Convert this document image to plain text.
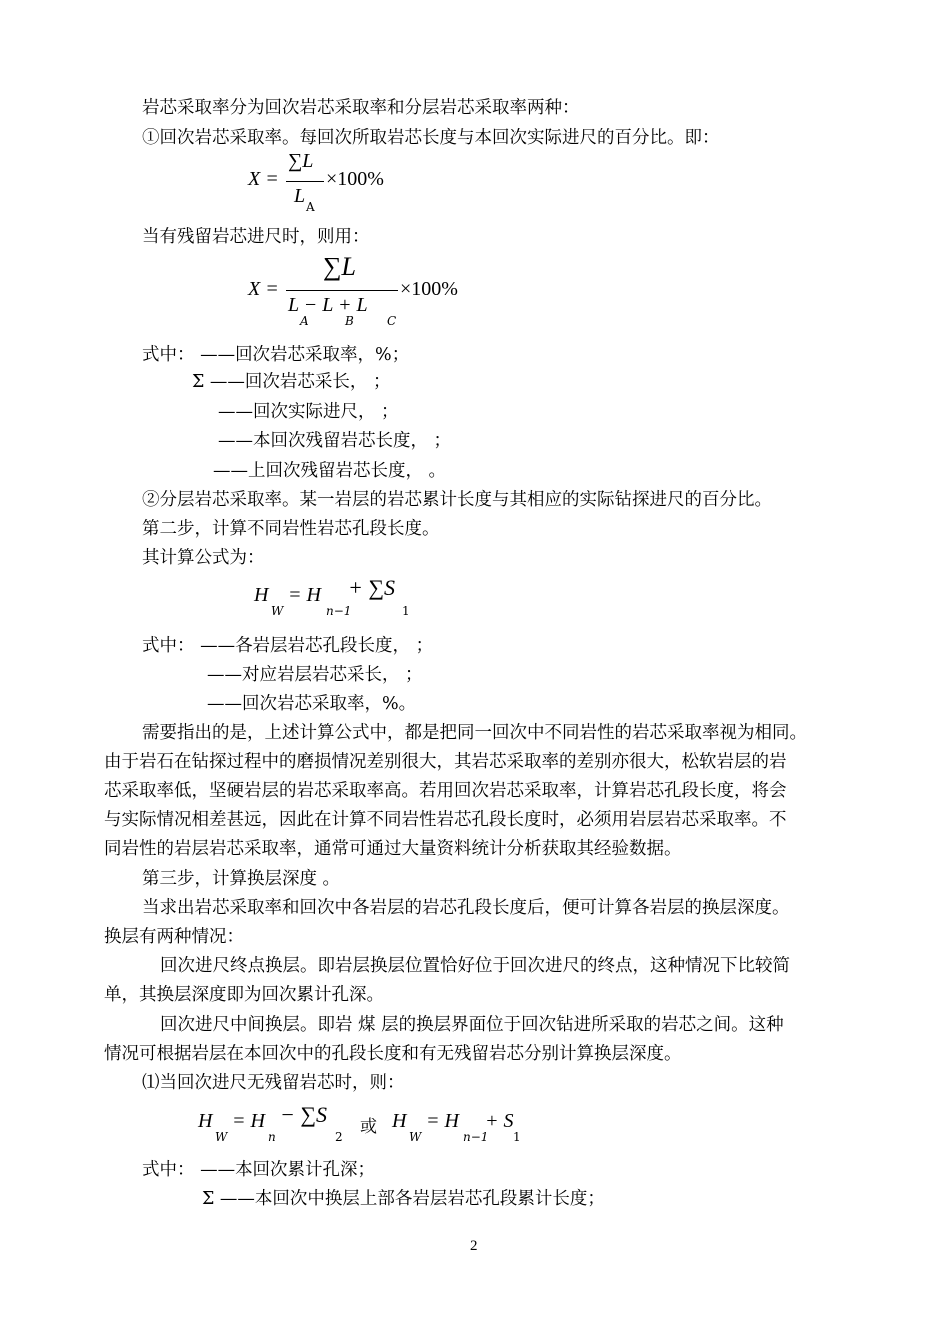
岩芯采取率分为回次岩芯采取率和分层岩芯采取率两种：
①回次岩芯采取率。每回次所取岩芯长度与本回次实际进尺的百分比。即：
X =
∑L
L A
×100%
当有残留岩芯进尺时，则用：
X =
∑L
L − L + L
A	B	C
×100%
式中： ——回次岩芯采取率，%；
Σ ——回次岩芯采长， ；
——回次实际进尺， ；
——本回次残留岩芯长度， ；
——上回次残留岩芯长度， 。
②分层岩芯采取率。某一岩层的岩芯累计长度与其相应的实际钻探进尺的百分比。
第二步，计算不同岩性岩芯孔段长度。
其计算公式为：
H
W
= H
n−1
+ ∑S
1
式中： ——各岩层岩芯孔段长度， ；
——对应岩层岩芯采长， ；
——回次岩芯采取率，%。
需要指出的是，上述计算公式中，都是把同一回次中不同岩性的岩芯采取率视为相同。
由于岩石在钻探过程中的磨损情况差别很大，其岩芯采取率的差别亦很大，松软岩层的岩
芯采取率低，坚硬岩层的岩芯采取率高。若用回次岩芯采取率，计算岩芯孔段长度，将会
与实际情况相差甚远，因此在计算不同岩性岩芯孔段长度时，必须用岩层岩芯采取率。不
同岩性的岩层岩芯采取率，通常可通过大量资料统计分析获取其经验数据。
第三步，计算换层深度 。
当求出岩芯采取率和回次中各岩层的岩芯孔段长度后，便可计算各岩层的换层深度。
换层有两种情况：
回次进尺终点换层。即岩层换层位置恰好位于回次进尺的终点，这种情况下比较简
单，其换层深度即为回次累计孔深。
回次进尺中间换层。即岩 煤 层的换层界面位于回次钻进所采取的岩芯之间。这种
情况可根据岩层在本回次中的孔段长度和有无残留岩芯分别计算换层深度。
⑴当回次进尺无残留岩芯时，则：
H
W
= H
n
− ∑S
2 或 H
W
= H
n−1
+ S
1
式中： ——本回次累计孔深；
Σ ——本回次中换层上部各岩层岩芯孔段累计长度；
2
